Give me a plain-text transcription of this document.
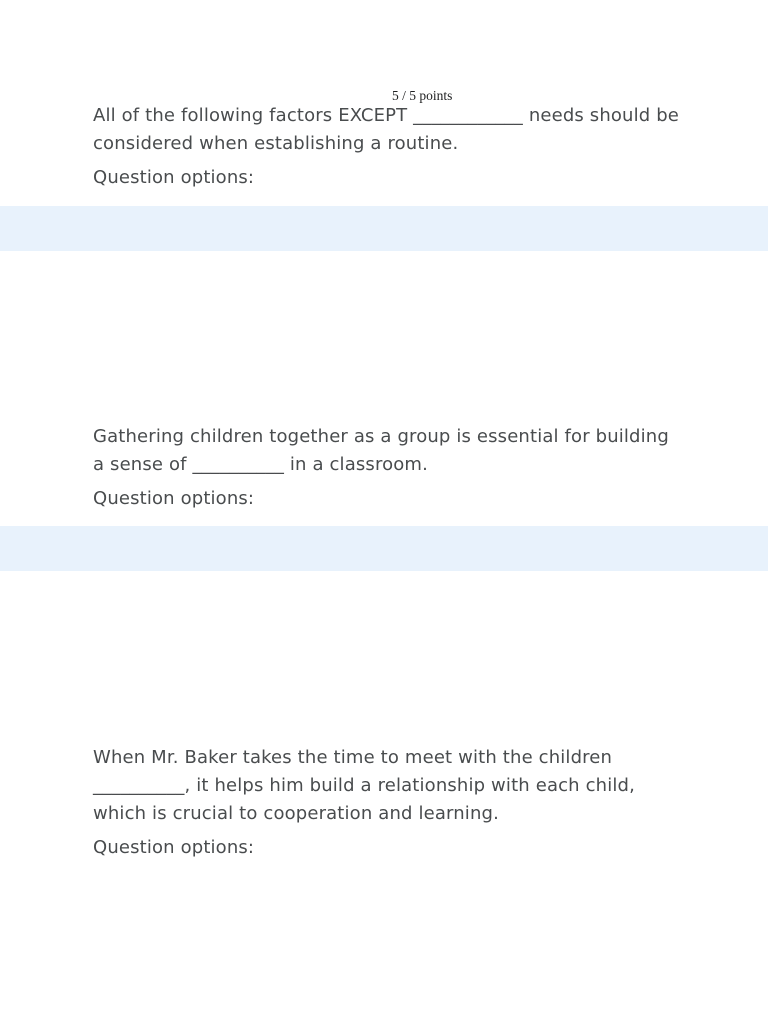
5 / 5 points

All of the following factors EXCEPT ____________ needs should be considered when establishing a routine.

Question options:

Gathering children together as a group is essential for building a sense of __________ in a classroom.

Question options:

When Mr. Baker takes the time to meet with the children __________, it helps him build a relationship with each child, which is crucial to cooperation and learning.

Question options:
